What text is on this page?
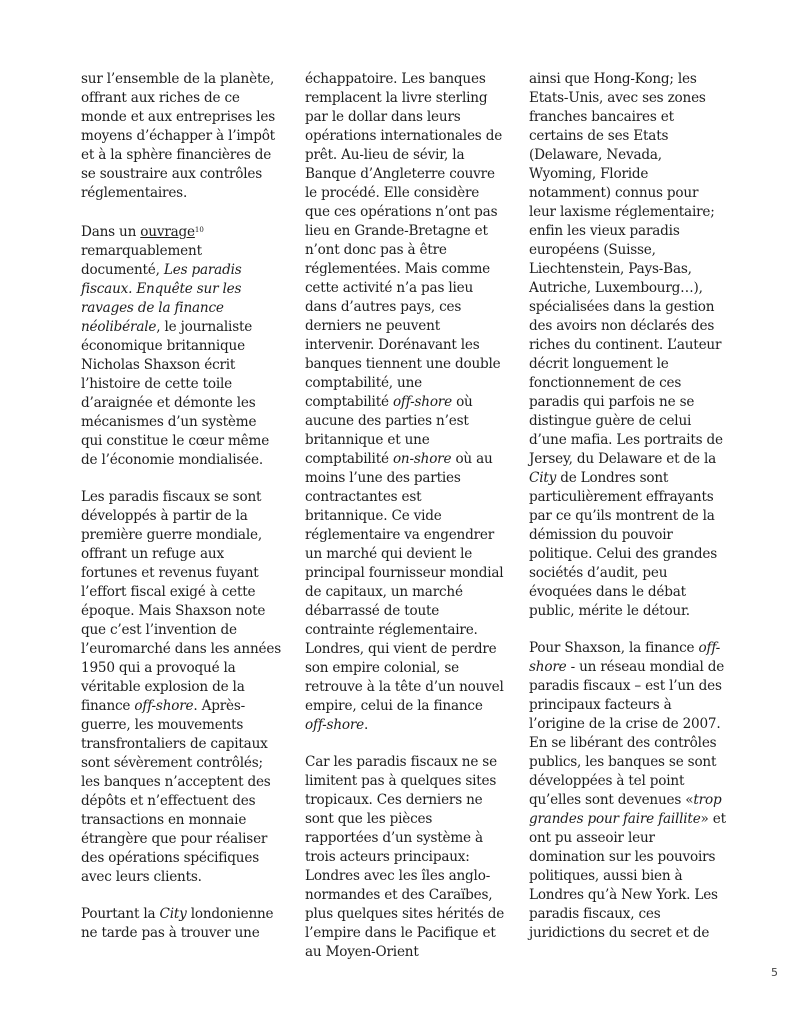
sur l’ensemble de la planète, offrant aux riches de ce monde et aux entreprises les moyens d’échapper à l’impôt et à la sphère financières de se soustraire aux contrôles réglementaires.

Dans un ouvrage$^{10}$ remarquablement documenté, Les paradis fiscaux. Enquête sur les ravages de la finance néolibérale, le journaliste économique britannique Nicholas Shaxson écrit l’histoire de cette toile d’araignée et démonte les mécanismes d’un système qui constitue le cœur même de l’économie mondialisée.

Les paradis fiscaux se sont développés à partir de la première guerre mondiale, offrant un refuge aux fortunes et revenus fuyant l’effort fiscal exigé à cette époque. Mais Shaxson note que c’est l’invention de l’euromarché dans les années 1950 qui a provoqué la véritable explosion de la finance off-shore. Après-guerre, les mouvements transfrontaliers de capitaux sont sévèrement contrôlés; les banques n’acceptent des dépôts et n’effectuent des transactions en monnaie étrangère que pour réaliser des opérations spécifiques avec leurs clients.

Pourtant la City londonienne ne tarde pas à trouver une

échappatoire. Les banques remplacent la livre sterling par le dollar dans leurs opérations internationales de prêt. Au-lieu de sévir, la Banque d’Angleterre couvre le procédé. Elle considère que ces opérations n’ont pas lieu en Grande-Bretagne et n’ont donc pas à être réglementées. Mais comme cette activité n’a pas lieu dans d’autres pays, ces derniers ne peuvent intervenir. Dorénavant les banques tiennent une double comptabilité, une comptabilité off-shore où aucune des parties n’est britannique et une comptabilité on-shore où au moins l’une des parties contractantes est britannique. Ce vide réglementaire va engendrer un marché qui devient le principal fournisseur mondial de capitaux, un marché débarrassé de toute contrainte réglementaire. Londres, qui vient de perdre son empire colonial, se retrouve à la tête d’un nouvel empire, celui de la finance off-shore.

Car les paradis fiscaux ne se limitent pas à quelques sites tropicaux. Ces derniers ne sont que les pièces rapportées d’un système à trois acteurs principaux: Londres avec les îles anglo-normandes et des Caraïbes, plus quelques sites hérités de l’empire dans le Pacifique et au Moyen-Orient

ainsi que Hong-Kong; les Etats-Unis, avec ses zones franches bancaires et certains de ses Etats (Delaware, Nevada, Wyoming, Floride notamment) connus pour leur laxisme réglementaire; enfin les vieux paradis européens (Suisse, Liechtenstein, Pays-Bas, Autriche, Luxembourg…), spécialisées dans la gestion des avoirs non déclarés des riches du continent. L’auteur décrit longuement le fonctionnement de ces paradis qui parfois ne se distingue guère de celui d’une mafia. Les portraits de Jersey, du Delaware et de la City de Londres sont particulièrement effrayants par ce qu’ils montrent de la démission du pouvoir politique. Celui des grandes sociétés d’audit, peu évoquées dans le débat public, mérite le détour.

Pour Shaxson, la finance off-shore - un réseau mondial de paradis fiscaux – est l’un des principaux facteurs à l’origine de la crise de 2007. En se libérant des contrôles publics, les banques se sont développées à tel point qu’elles sont devenues «trop grandes pour faire faillite» et ont pu asseoir leur domination sur les pouvoirs politiques, aussi bien à Londres qu’à New York. Les paradis fiscaux, ces juridictions du secret et de

5
